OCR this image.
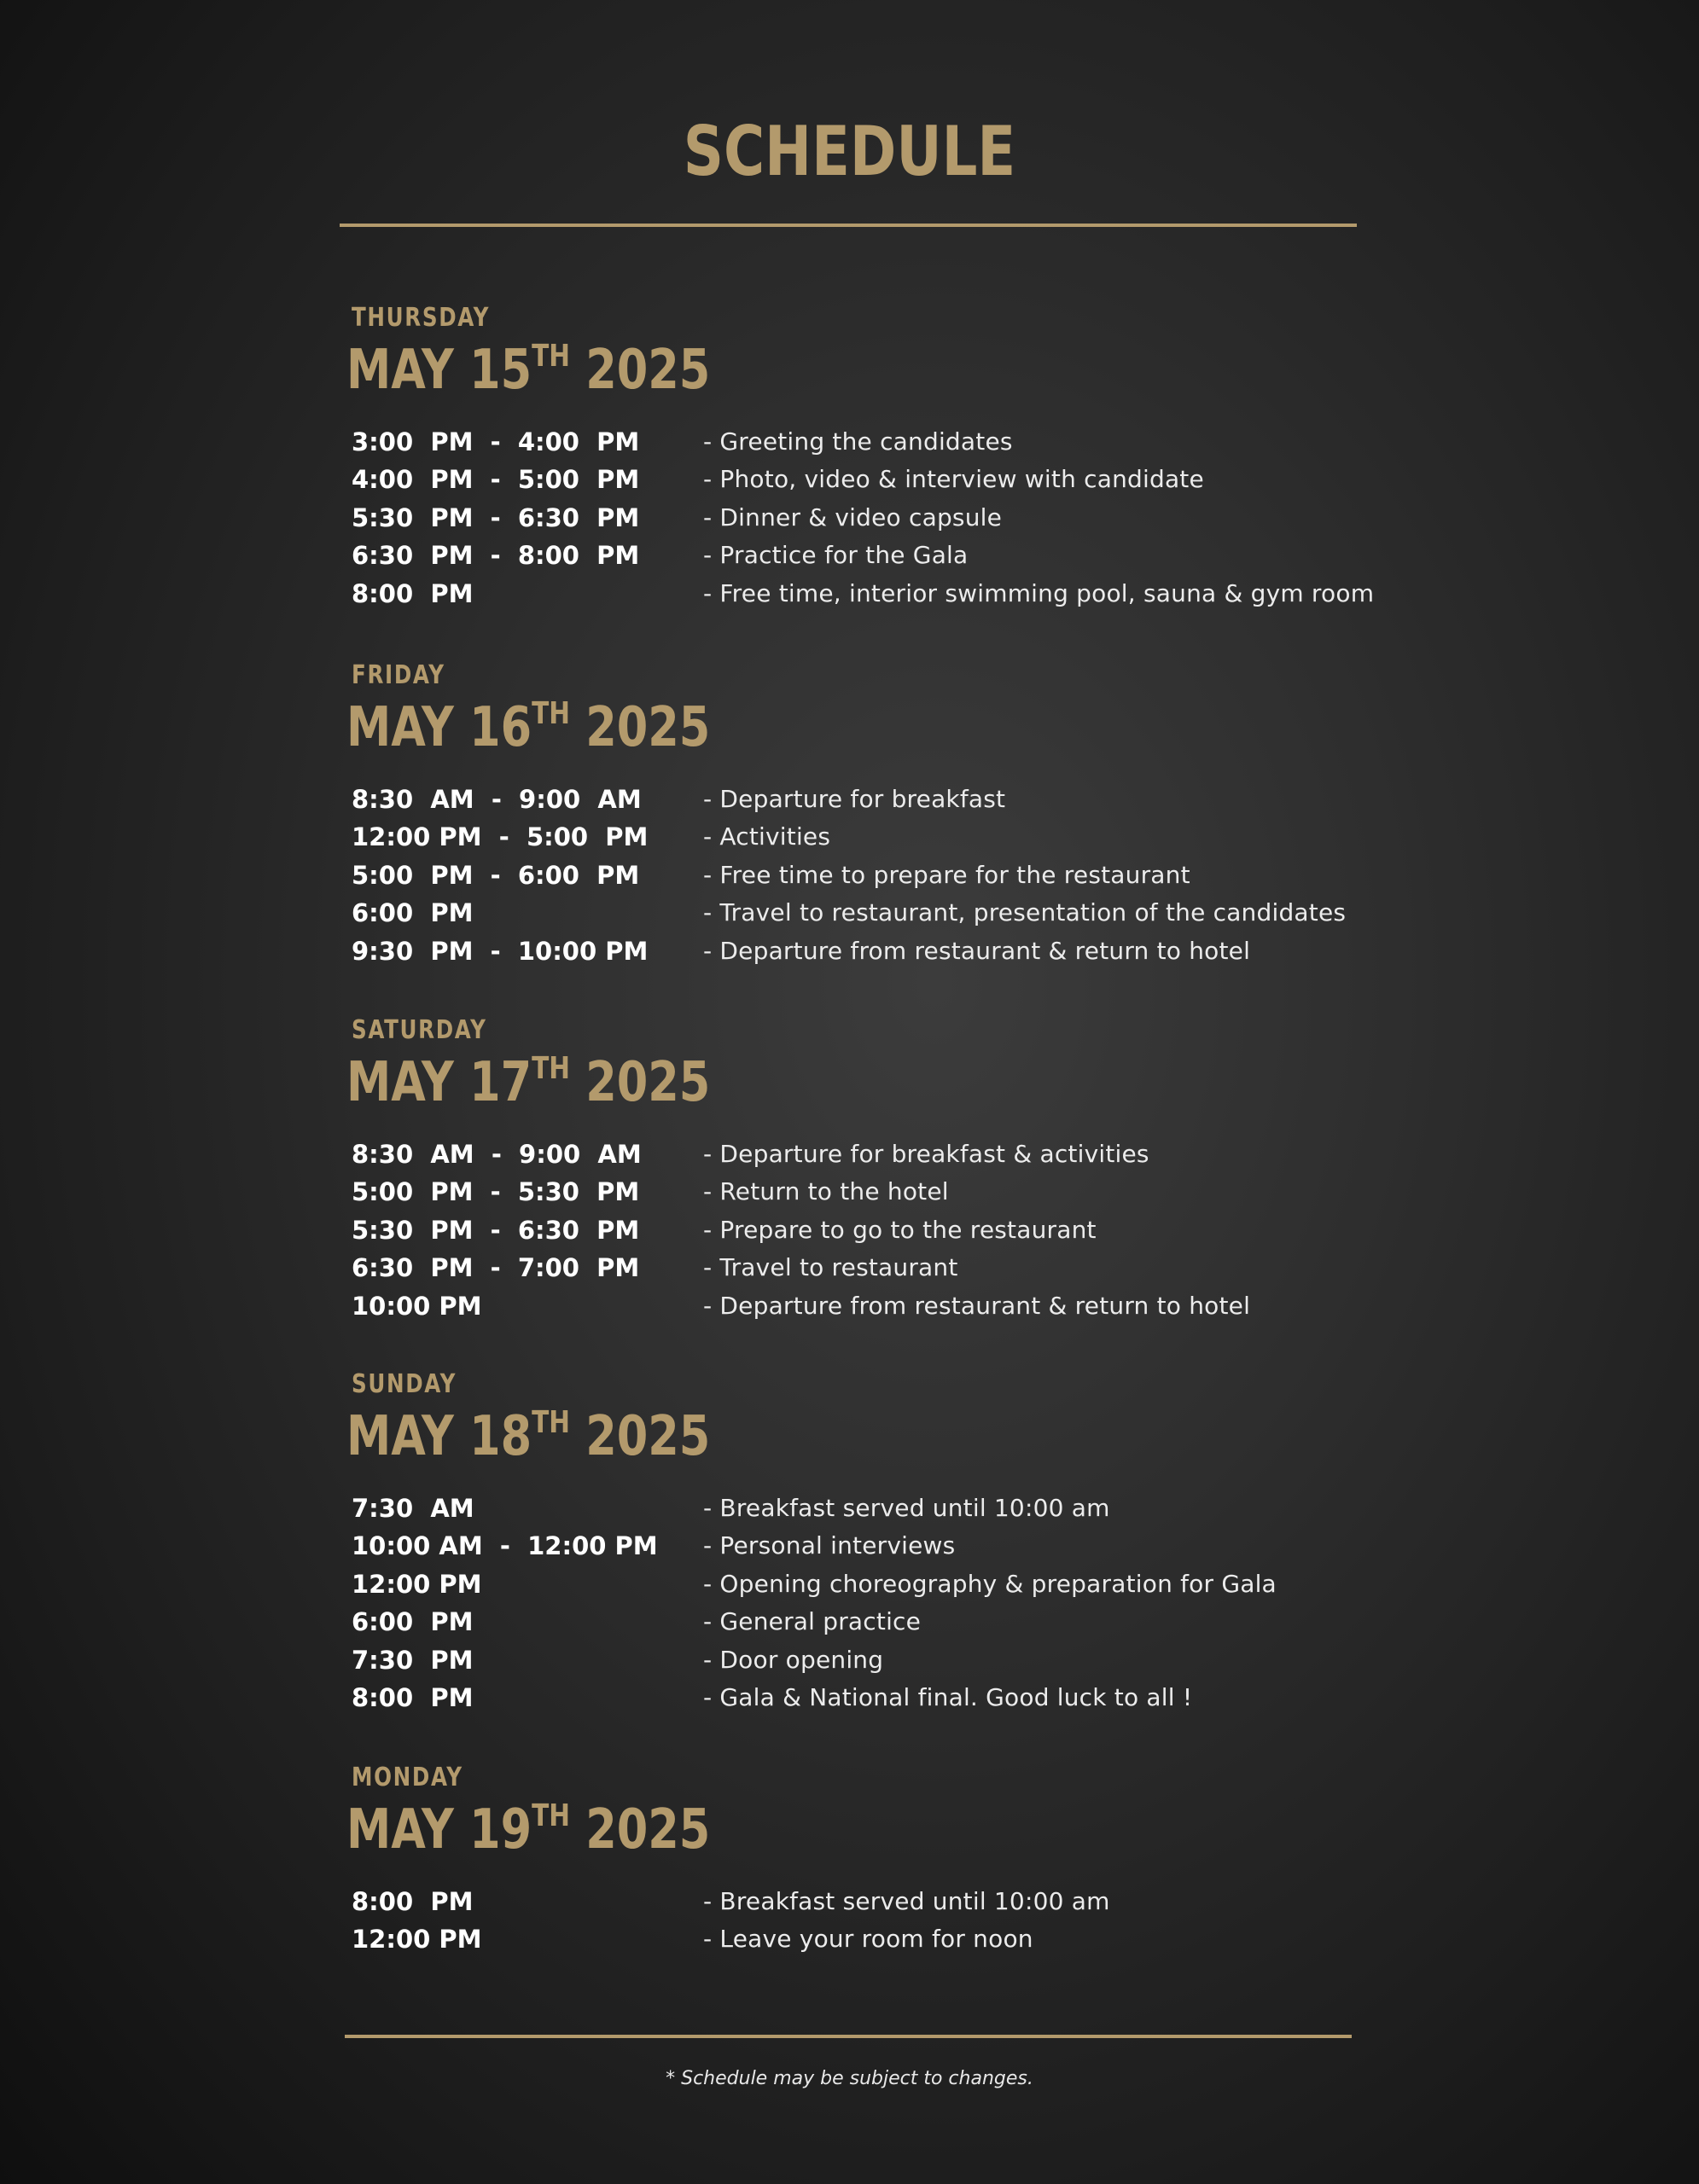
SCHEDULE
THURSDAY
MAY 15TH 2025
3:00  PM  -  4:00  PM	- Greeting the candidates
4:00  PM  -  5:00  PM	- Photo, video & interview with candidate
5:30  PM  -  6:30  PM	- Dinner & video capsule
6:30  PM  -  8:00  PM	- Practice for the Gala
8:00  PM	- Free time, interior swimming pool, sauna & gym room
FRIDAY
MAY 16TH 2025
8:30  AM  -  9:00  AM	- Departure for breakfast
12:00 PM  -  5:00  PM - Activities
5:00  PM  -  6:00  PM	- Free time to prepare for the restaurant
6:00  PM	- Travel to restaurant, presentation of the candidates
9:30  PM  -  10:00 PM - Departure from restaurant & return to hotel
SATURDAY
MAY 17TH 2025
8:30  AM  -  9:00  AM	- Departure for breakfast & activities
5:00  PM  -  5:30  PM	- Return to the hotel
5:30  PM  -  6:30  PM	- Prepare to go to the restaurant
6:30  PM  -  7:00  PM	- Travel to restaurant
10:00 PM	- Departure from restaurant & return to hotel
SUNDAY
MAY 18TH 2025
7:30  AM	- Breakfast served until 10:00 am
10:00 AM  -  12:00 PM - Personal interviews
12:00 PM	- Opening choreography & preparation for Gala
6:00  PM	- General practice
7:30  PM	- Door opening
8:00  PM	- Gala & National final. Good luck to all !
MONDAY
MAY 19TH 2025
8:00  PM	- Breakfast served until 10:00 am
12:00 PM	- Leave your room for noon
* Schedule may be subject to changes.
